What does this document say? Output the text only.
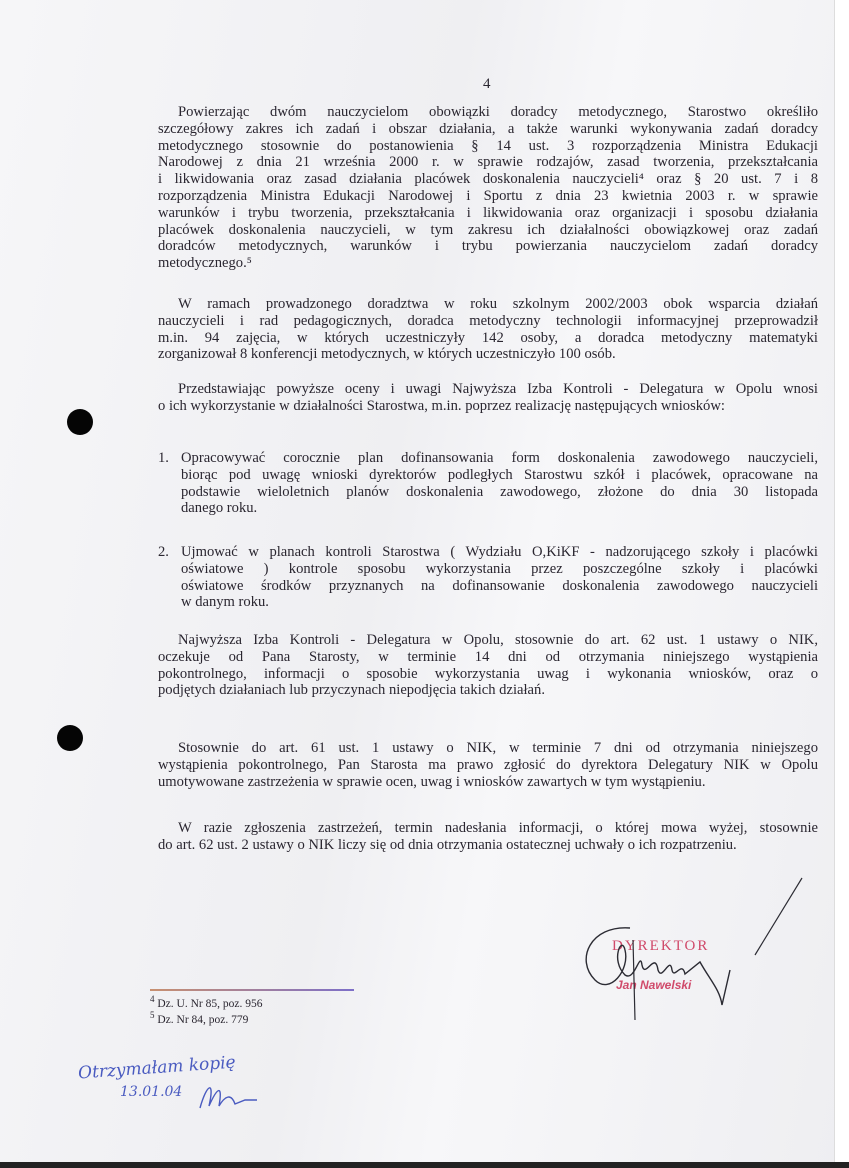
4
Powierzając dwóm nauczycielom obowiązki doradcy metodycznego, Starostwo określiło
szczegółowy zakres ich zadań i obszar działania, a także warunki wykonywania zadań doradcy
metodycznego stosownie do postanowienia § 14 ust. 3 rozporządzenia Ministra Edukacji
Narodowej z dnia 21 września 2000 r. w sprawie rodzajów, zasad tworzenia, przekształcania
i likwidowania oraz zasad działania placówek doskonalenia nauczycieli⁴ oraz § 20 ust. 7 i 8
rozporządzenia Ministra Edukacji Narodowej i Sportu z dnia 23 kwietnia 2003 r. w sprawie
warunków i trybu tworzenia, przekształcania i likwidowania oraz organizacji i sposobu działania
placówek doskonalenia nauczycieli, w tym zakresu ich działalności obowiązkowej oraz zadań
doradców metodycznych, warunków i trybu powierzania nauczycielom zadań doradcy
metodycznego.⁵
W ramach prowadzonego doradztwa w roku szkolnym 2002/2003 obok wsparcia działań
nauczycieli i rad pedagogicznych, doradca metodyczny technologii informacyjnej przeprowadził
m.in. 94 zajęcia, w których uczestniczyły 142 osoby, a doradca metodyczny matematyki
zorganizował 8 konferencji metodycznych, w których uczestniczyło 100 osób.
Przedstawiając powyższe oceny i uwagi Najwyższa Izba Kontroli - Delegatura w Opolu wnosi
o ich wykorzystanie w działalności Starostwa, m.in. poprzez realizację następujących wniosków:
1. Opracowywać corocznie plan dofinansowania form doskonalenia zawodowego nauczycieli,
biorąc pod uwagę wnioski dyrektorów podległych Starostwu szkół i placówek, opracowane na
podstawie wieloletnich planów doskonalenia zawodowego, złożone do dnia 30 listopada
danego roku.
2. Ujmować w planach kontroli Starostwa ( Wydziału O,KiKF - nadzorującego szkoły i placówki
oświatowe ) kontrole sposobu wykorzystania przez poszczególne szkoły i placówki
oświatowe środków przyznanych na dofinansowanie doskonalenia zawodowego nauczycieli
w danym roku.
Najwyższa Izba Kontroli - Delegatura w Opolu, stosownie do art. 62 ust. 1 ustawy o NIK,
oczekuje od Pana Starosty, w terminie 14 dni od otrzymania niniejszego wystąpienia
pokontrolnego, informacji o sposobie wykorzystania uwag i wykonania wniosków, oraz o
podjętych działaniach lub przyczynach niepodjęcia takich działań.
Stosownie do art. 61 ust. 1 ustawy o NIK, w terminie 7 dni od otrzymania niniejszego
wystąpienia pokontrolnego, Pan Starosta ma prawo zgłosić do dyrektora Delegatury NIK w Opolu
umotywowane zastrzeżenia w sprawie ocen, uwag i wniosków zawartych w tym wystąpieniu.
W razie zgłoszenia zastrzeżeń, termin nadesłania informacji, o której mowa wyżej, stosownie
do art. 62 ust. 2 ustawy o NIK liczy się od dnia otrzymania ostatecznej uchwały o ich rozpatrzeniu.
$^4$ Dz. U. Nr 85, poz. 956
$^5$ Dz. Nr 84, poz. 779
DYREKTOR
Jan Nawelski
Otrzymałam kopię
13.01.04
